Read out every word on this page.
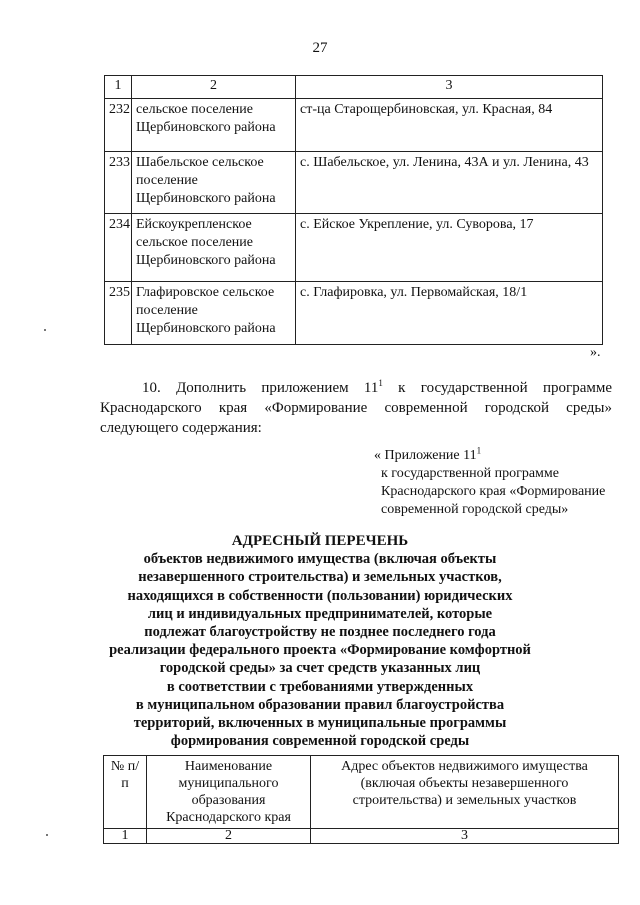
27
1	2	3
232	сельское поселение Щербиновского района	ст-ца Старощербиновская, ул. Красная, 84
233	Шабельское сельское поселение Щербиновского района	с. Шабельское, ул. Ленина, 43А и ул. Ленина, 43
234	Ейскоукрепленское сельское поселение Щербиновского района	с. Ейское Укрепление, ул. Суворова, 17
235	Глафировское сельское поселение Щербиновского района	с. Глафировка, ул. Первомайская, 18/1
».
10. Дополнить приложением $11^1$ к государственной программе Краснодарского края «Формирование современной городской среды» следующего содержания:
« Приложение $11^1$
к государственной программе
Краснодарского края «Формирование
современной городской среды»
АДРЕСНЫЙ ПЕРЕЧЕНЬ
объектов недвижимого имущества (включая объекты
незавершенного строительства) и земельных участков,
находящихся в собственности (пользовании) юридических
лиц и индивидуальных предпринимателей, которые
подлежат благоустройству не позднее последнего года
реализации федерального проекта «Формирование комфортной
городской среды» за счет средств указанных лиц
в соответствии с требованиями утвержденных
в муниципальном образовании правил благоустройства
территорий, включенных в муниципальные программы
формирования современной городской среды
№ п/п	Наименование муниципального образования Краснодарского края	Адрес объектов недвижимого имущества (включая объекты незавершенного строительства) и земельных участков
1	2	3
